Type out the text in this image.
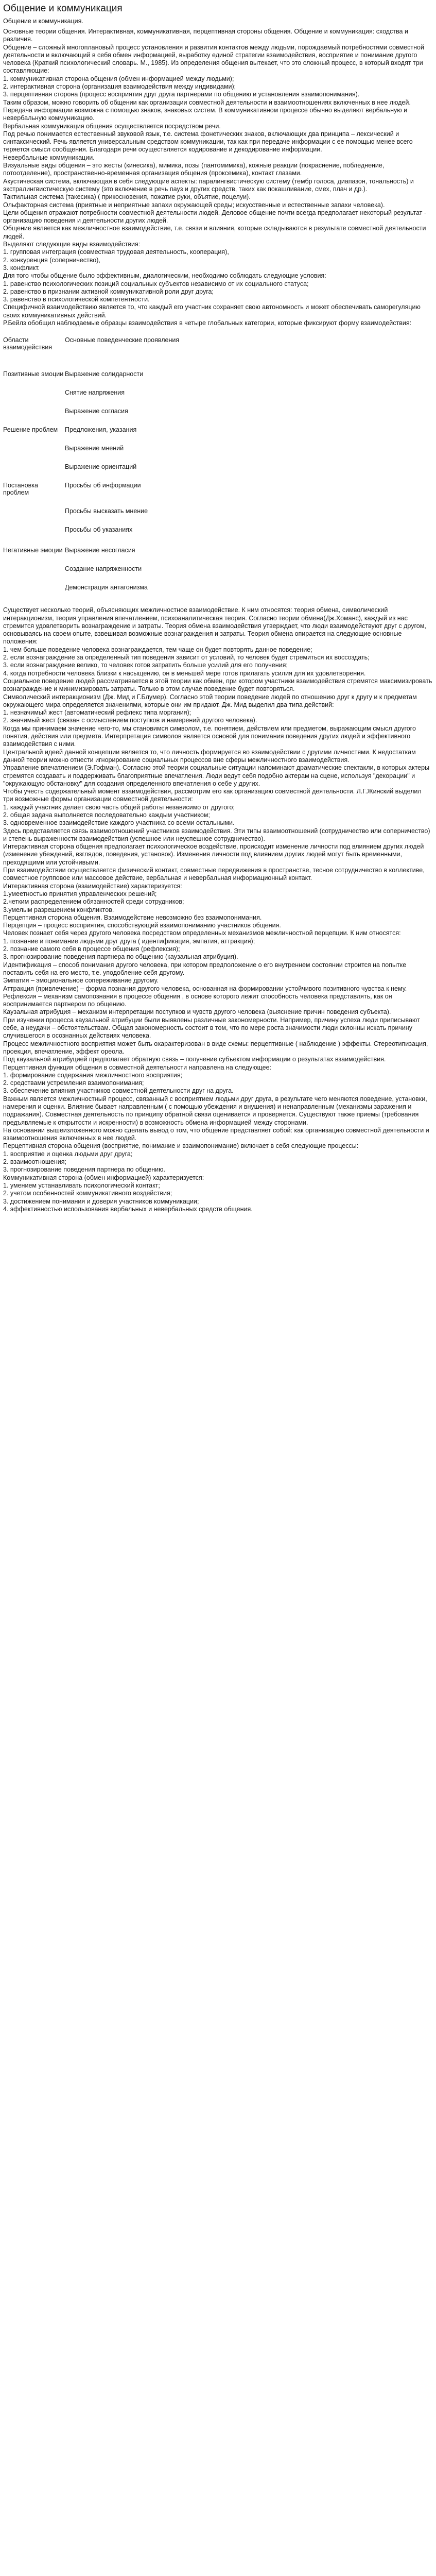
Общение и коммуникация
Общение и коммуникация.

Основные теории общения. Интерактивная, коммуникативная, перцептивная стороны общения. Общение и коммуникация: сходства и различия.

Общение – сложный многоплановый процесс установления и развития контактов между людьми, порождаемый потребностями совместной деятельности и включающий в себя обмен информацией, выработку единой стратегии взаимодействия, восприятие и понимание другого человека (Краткий психологический словарь. М., 1985). Из определения общения вытекает, что это сложный процесс, в который входят три составляющие:

1. коммуникативная сторона общения (обмен информацией между людьми);

2. интерактивная сторона (организация взаимодействия между индивидами);

3. перцептивная сторона (процесс восприятия друг друга партнерами по общению и установления взаимопонимания).

Таким образом, можно говорить об общении как организации совместной деятельности и взаимоотношениях включенных в нее людей.

Передача информации возможна с помощью знаков, знаковых систем. В коммуникативном процессе обычно выделяют вербальную и невербальную коммуникацию.

Вербальная коммуникация общения осуществляется посредством речи.

Под речью понимается естественный звуковой язык, т.е. система фонетических знаков, включающих два принципа – лексический и синтаксический. Речь является универсальным средством коммуникации, так как при передаче информации с ее помощью менее всего теряется смысл сообщения. Благодаря речи осуществляется кодирование и декодирование информации.

Невербальные коммуникации.

Визуальные виды общения – это жесты (кинесика), мимика, позы (пантомимика), кожные реакции (покраснение, побледнение, потоотделение), пространственно-временная организация общения (проксемика), контакт глазами.

Акустическая система, включающая в себя следующие аспекты: паралингвистическую систему (тембр голоса, диапазон, тональность) и экстралингвистическую систему (это включение в речь пауз и других средств, таких как покашливание, смех, плач и др.).

Тактильная система (такесика) ( прикосновения, пожатие руки, объятие, поцелуи).

Ольфакторная система (приятные и неприятные запахи окружающей среды; искусственные и естественные запахи человека).

Цели общения отражают потребности совместной деятельности людей. Деловое общение почти всегда предполагает некоторый результат - организацию поведения и деятельности других людей.

Общение является как межличностное взаимодействие, т.е. связи и влияния, которые складываются в результате совместной деятельности людей.

Выделяют следующие виды взаимодействия:

1. групповая интеграция (совместная трудовая деятельность, кооперация),

2. конкуренция (соперничество),

3. конфликт.

Для того чтобы общение было эффективным, диалогическим, необходимо соблюдать следующие условия:

1. равенство психологических позиций социальных субъектов независимо от их социального статуса;

2. равенство в признании активной коммуникативной роли друг друга;

3. равенство в психологической компетентности.

Специфичной взаимодействию является то, что каждый его участник сохраняет свою автономность и может обеспечивать саморегуляцию своих коммуникативных действий.

Р.Бейлз обобщил наблюдаемые образцы взаимодействия в четыре глобальных категории, которые фиксируют форму взаимодействия:

Области взаимодействия
Основные поведенческие проявления
Позитивные эмоции Выражение солидарности
Снятие напряжения
Выражение согласия
Решение проблем	Предложения, указания
Выражение мнений
Выражение ориентаций
Постановка проблем
Просьбы об информации
Просьбы высказать мнение
Просьбы об указаниях
Негативные эмоции Выражение несогласия
Создание напряженности
Демонстрация антагонизма

Существует несколько теорий, объясняющих межличностное взаимодействие. К ним относятся: теория обмена, символический интеракционизм, теория управления впечатлением, психоаналитическая теория. Согласно теории обмена(Дж.Хоманс), каждый из нас стремится удовлетворить вознаграждение и затраты. Теория обмена взаимодействия утверждает, что люди взаимодействуют друг с другом, основываясь на своем опыте, взвешивая возможные вознаграждения и затраты. Теория обмена опирается на следующие основные положения:

1. чем больше поведение человека вознаграждается, тем чаще он будет повторять данное поведение;

2. если вознаграждение за определенный тип поведения зависит от условий, то человек будет стремиться их воссоздать;

3. если вознаграждение велико, то человек готов затратить больше усилий для его получения;

4. когда потребности человека близки к насыщению, он в меньшей мере готов прилагать усилия для их удовлетворения.

Социальное поведение людей рассматривается в этой теории как обмен, при котором участники взаимодействия стремятся максимизировать вознаграждение и минимизировать затраты. Только в этом случае поведение будет повторяться.

Символический интеракционизм (Дж. Мид и Г.Блумер). Согласно этой теории поведение людей по отношению друг к другу и к предметам окружающего мира определяется значениями, которые они им придают. Дж. Мид выделил два типа действий:

1. незначимый жест (автоматический рефлекс типа моргания);

2. значимый жест (связан с осмыслением поступков и намерений другого человека).

Когда мы принимаем значение чего-то, мы становимся символом, т.е. понятием, действием или предметом, выражающим смысл другого понятия, действия или предмета. Интерпретация символов является основой для понимания поведения других людей и эффективного взаимодействия с ними.

Центральной идеей данной концепции является то, что личность формируется во взаимодействии с другими личностями. К недостаткам данной теории можно отнести игнорирование социальных процессов вне сферы межличностного взаимодействия.

Управление впечатлением (Э.Гофман). Согласно этой теории социальные ситуации напоминают драматические спектакли, в которых актеры стремятся создавать и поддерживать благоприятные впечатления. Люди ведут себя подобно актерам на сцене, используя "декорации" и "окружающую обстановку" для создания определенного впечатления о себе у других.

Чтобы учесть содержательный момент взаимодействия, рассмотрим его как организацию совместной деятельности. Л.Г.Жинский выделил три возможные формы организации совместной деятельности:

1. каждый участник делает свою часть общей работы независимо от другого;

2. общая задача выполняется последовательно каждым участником;

3. одновременное взаимодействие каждого участника со всеми остальными.

Здесь представляется связь взаимоотношений участников взаимодействия. Эти типы взаимоотношений (сотрудничество или соперничество) и степень выраженности взаимодействия (успешное или неуспешное сотрудничество).

Интерактивная сторона общения предполагает психологическое воздействие, происходит изменение личности под влиянием других людей (изменение убеждений, взглядов, поведения, установок). Изменения личности под влиянием других людей могут быть временными, преходящими или устойчивыми.

При взаимодействии осуществляется физический контакт, совместные передвижения в пространстве, тесное сотрудничество в коллективе, совместное групповое или массовое действие, вербальная и невербальная информационный контакт.

Интерактивная сторона (взаимодействие) характеризуется:

1.умеетностью принятия управленческих решений;

2.четким распределением обязанностей среди сотрудников;

3.умелым разрешением конфликтов.

Перцептивная сторона общения. Взаимодействие невозможно без взаимопонимания.

Перцепция – процесс восприятия, способствующий взаимопониманию участников общения.

Человек познает себя через другого человека посредством определенных механизмов межличностной перцепции. К ним относятся:

1. познание и понимание людьми друг друга ( идентификация, эмпатия, аттракция);

2. познание самого себя в процессе общения (рефлексия);

3. прогнозирование поведения партнера по общению (каузальная атрибуция).

Идентификация – способ понимания другого человека, при котором предположение о его внутреннем состоянии строится на попытке поставить себя на его место, т.е. уподобление себя другому.

Эмпатия – эмоциональное сопереживание другому.

Аттракция (привлечение) – форма познания другого человека, основанная на формировании устойчивого позитивного чувства к нему.

Рефлексия – механизм самопознания в процессе общения , в основе которого лежит способность человека представлять, как он воспринимается партнером по общению.

Каузальная атрибуция – механизм интерпретации поступков и чувств другого человека (выяснение причин поведения субъекта).

При изучении процесса каузальной атрибуции были выявлены различные закономерности. Например, причину успеха люди приписывают себе, а неудачи – обстоятельствам. Общая закономерность состоит в том, что по мере роста значимости люди склонны искать причину случившегося в осознанных действиях человека.

Процесс межличностного восприятия может быть охарактеризован в виде схемы: перцептивные ( наблюдение ) эффекты. Стереотипизация, проекция, впечатление, эффект ореола.

Под каузальной атрибуцией предполагает обратную связь – получение субъектом информации о результатах взаимодействия.

Перцептивная функция общения в совместной деятельности направлена на следующее:

1. формирование содержания межличностного восприятия;

2. средствами устремления взаимопонимания;

3. обеспечение влияния участников совместной деятельности друг на друга.

Важным является межличностный процесс, связанный с восприятием людьми друг друга, в результате чего меняются поведение, установки, намерения и оценки. Влияние бывает направленным ( с помощью убеждения и внушения) и ненаправленным (механизмы заражения и подражания). Совместная деятельность по принципу обратной связи оценивается и проверяется. Существуют также приемы (требования предъявляемые к открытости и искренности) в возможность обмена информацией между сторонами.

На основании вышеизложенного можно сделать вывод о том, что общение представляет собой: как организацию совместной деятельности и взаимоотношения включенных в нее людей.

Перцептивная сторона общения (восприятие, понимание и взаимопонимание) включает в себя следующие процессы:

1. восприятие и оценка людьми друг друга;

2. взаимоотношения;

3. прогнозирование поведения партнера по общению.

Коммуникативная сторона (обмен информацией) характеризуется:

1. умением устанавливать психологический контакт;

2. учетом особенностей коммуникативного воздействия;

3. достижением понимания и доверия участников коммуникации;

4. эффективностью использования вербальных и невербальных средств общения.
